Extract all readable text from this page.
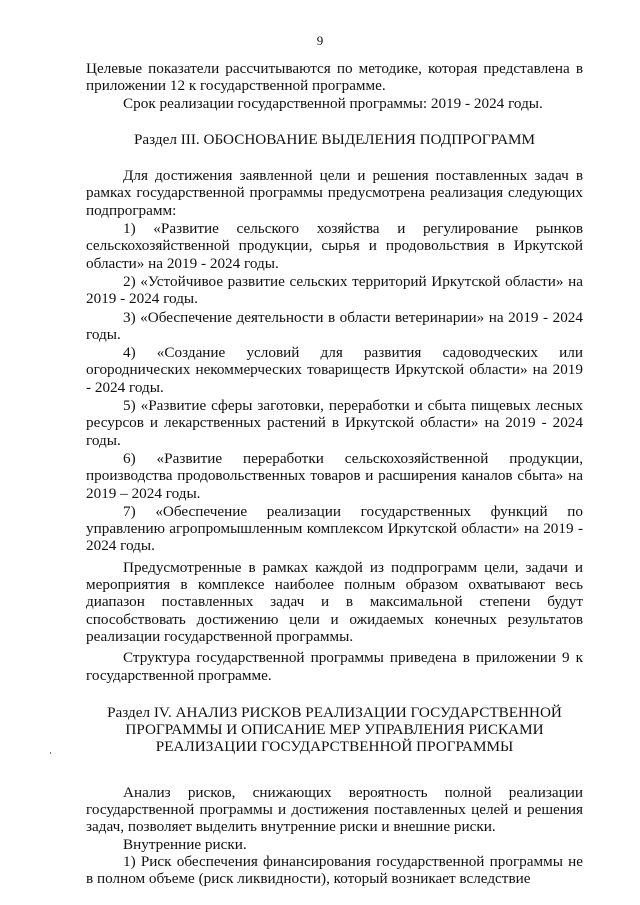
9
Целевые показатели рассчитываются по методике, которая представлена в приложении 12 к государственной программе.
Срок реализации государственной программы: 2019 - 2024 годы.
Раздел III. ОБОСНОВАНИЕ ВЫДЕЛЕНИЯ ПОДПРОГРАММ
Для достижения заявленной цели и решения поставленных задач в рамках государственной программы предусмотрена реализация следующих подпрограмм:
1) «Развитие сельского хозяйства и регулирование рынков сельскохозяйственной продукции, сырья и продовольствия в Иркутской области» на 2019 - 2024 годы.
2) «Устойчивое развитие сельских территорий Иркутской области» на 2019 - 2024 годы.
3) «Обеспечение деятельности в области ветеринарии» на 2019 - 2024 годы.
4) «Создание условий для развития садоводческих или огороднических некоммерческих товариществ Иркутской области» на 2019 - 2024 годы.
5) «Развитие сферы заготовки, переработки и сбыта пищевых лесных ресурсов и лекарственных растений в Иркутской области» на 2019 - 2024 годы.
6) «Развитие переработки сельскохозяйственной продукции, производства продовольственных товаров и расширения каналов сбыта» на 2019 – 2024 годы.
7) «Обеспечение реализации государственных функций по управлению агропромышленным комплексом Иркутской области» на 2019 - 2024 годы.
Предусмотренные в рамках каждой из подпрограмм цели, задачи и мероприятия в комплексе наиболее полным образом охватывают весь диапазон поставленных задач и в максимальной степени будут способствовать достижению цели и ожидаемых конечных результатов реализации государственной программы.
Структура государственной программы приведена в приложении 9 к государственной программе.
Раздел IV. АНАЛИЗ РИСКОВ РЕАЛИЗАЦИИ ГОСУДАРСТВЕННОЙ
ПРОГРАММЫ И ОПИСАНИЕ МЕР УПРАВЛЕНИЯ РИСКАМИ
РЕАЛИЗАЦИИ ГОСУДАРСТВЕННОЙ ПРОГРАММЫ
Анализ рисков, снижающих вероятность полной реализации государственной программы и достижения поставленных целей и решения задач, позволяет выделить внутренние риски и внешние риски.
Внутренние риски.
1) Риск обеспечения финансирования государственной программы не в полном объеме (риск ликвидности), который возникает вследствие
